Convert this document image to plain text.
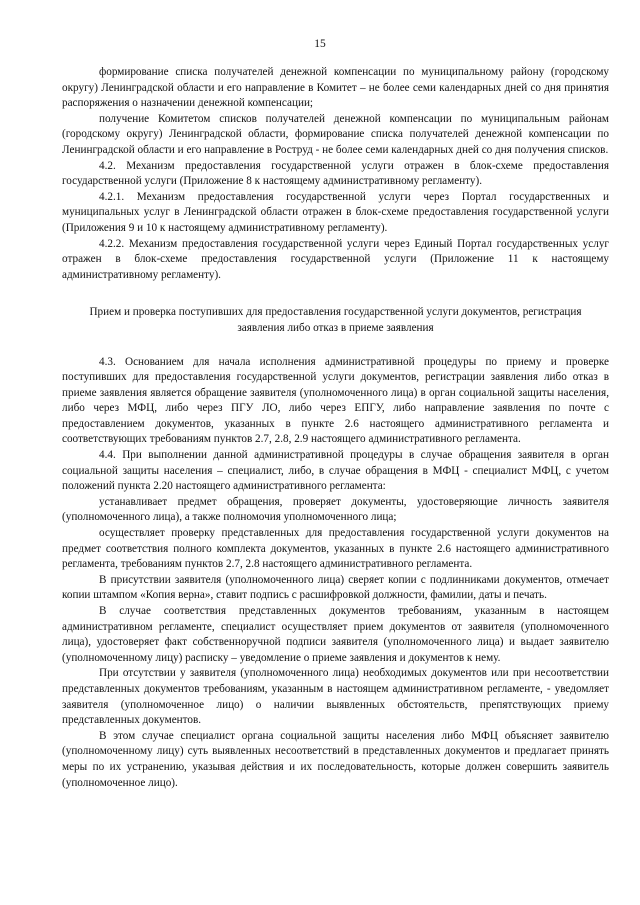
15

формирование списка получателей денежной компенсации по муниципальному району (городскому округу) Ленинградской области и его направление в Комитет – не более семи календарных дней со дня принятия распоряжения о назначении денежной компенсации;

получение Комитетом списков получателей денежной компенсации по муниципальным районам (городскому округу) Ленинградской области, формирование списка получателей денежной компенсации по Ленинградской области и его направление в Роструд - не более семи календарных дней со дня получения списков.

4.2. Механизм предоставления государственной услуги отражен в блок-схеме предоставления государственной услуги (Приложение 8 к настоящему административному регламенту).

4.2.1. Механизм предоставления государственной услуги через Портал государственных и муниципальных услуг в Ленинградской области отражен в блок-схеме предоставления государственной услуги (Приложения 9 и 10 к настоящему административному регламенту).

4.2.2. Механизм предоставления государственной услуги через Единый Портал государственных услуг отражен в блок-схеме предоставления государственной услуги (Приложение 11 к настоящему административному регламенту).

Прием и проверка поступивших для предоставления государственной услуги документов, регистрация заявления либо отказ в приеме заявления

4.3. Основанием для начала исполнения административной процедуры по приему и проверке поступивших для предоставления государственной услуги документов, регистрации заявления либо отказ в приеме заявления является обращение заявителя (уполномоченного лица) в орган социальной защиты населения, либо через МФЦ, либо через ПГУ ЛО, либо через ЕПГУ, либо направление заявления по почте с предоставлением документов, указанных в пункте 2.6 настоящего административного регламента и соответствующих требованиям пунктов 2.7, 2.8, 2.9 настоящего административного регламента.

4.4. При выполнении данной административной процедуры в случае обращения заявителя в орган социальной защиты населения – специалист, либо, в случае обращения в МФЦ - специалист МФЦ, с учетом положений пункта 2.20 настоящего административного регламента:

устанавливает предмет обращения, проверяет документы, удостоверяющие личность заявителя (уполномоченного лица), а также полномочия уполномоченного лица;

осуществляет проверку представленных для предоставления государственной услуги документов на предмет соответствия полного комплекта документов, указанных в пункте 2.6 настоящего административного регламента, требованиям пунктов 2.7, 2.8 настоящего административного регламента.

В присутствии заявителя (уполномоченного лица) сверяет копии с подлинниками документов, отмечает копии штампом «Копия верна», ставит подпись с расшифровкой должности, фамилии, даты и печать.

В случае соответствия представленных документов требованиям, указанным в настоящем административном регламенте, специалист осуществляет прием документов от заявителя (уполномоченного лица), удостоверяет факт собственноручной подписи заявителя (уполномоченного лица) и выдает заявителю (уполномоченному лицу) расписку – уведомление о приеме заявления и документов к нему.

При отсутствии у заявителя (уполномоченного лица) необходимых документов или при несоответствии представленных документов требованиям, указанным в настоящем административном регламенте, - уведомляет заявителя (уполномоченное лицо) о наличии выявленных обстоятельств, препятствующих приему представленных документов.

В этом случае специалист органа социальной защиты населения либо МФЦ объясняет заявителю (уполномоченному лицу) суть выявленных несоответствий в представленных документов и предлагает принять меры по их устранению, указывая действия и их последовательность, которые должен совершить заявитель (уполномоченное лицо).
